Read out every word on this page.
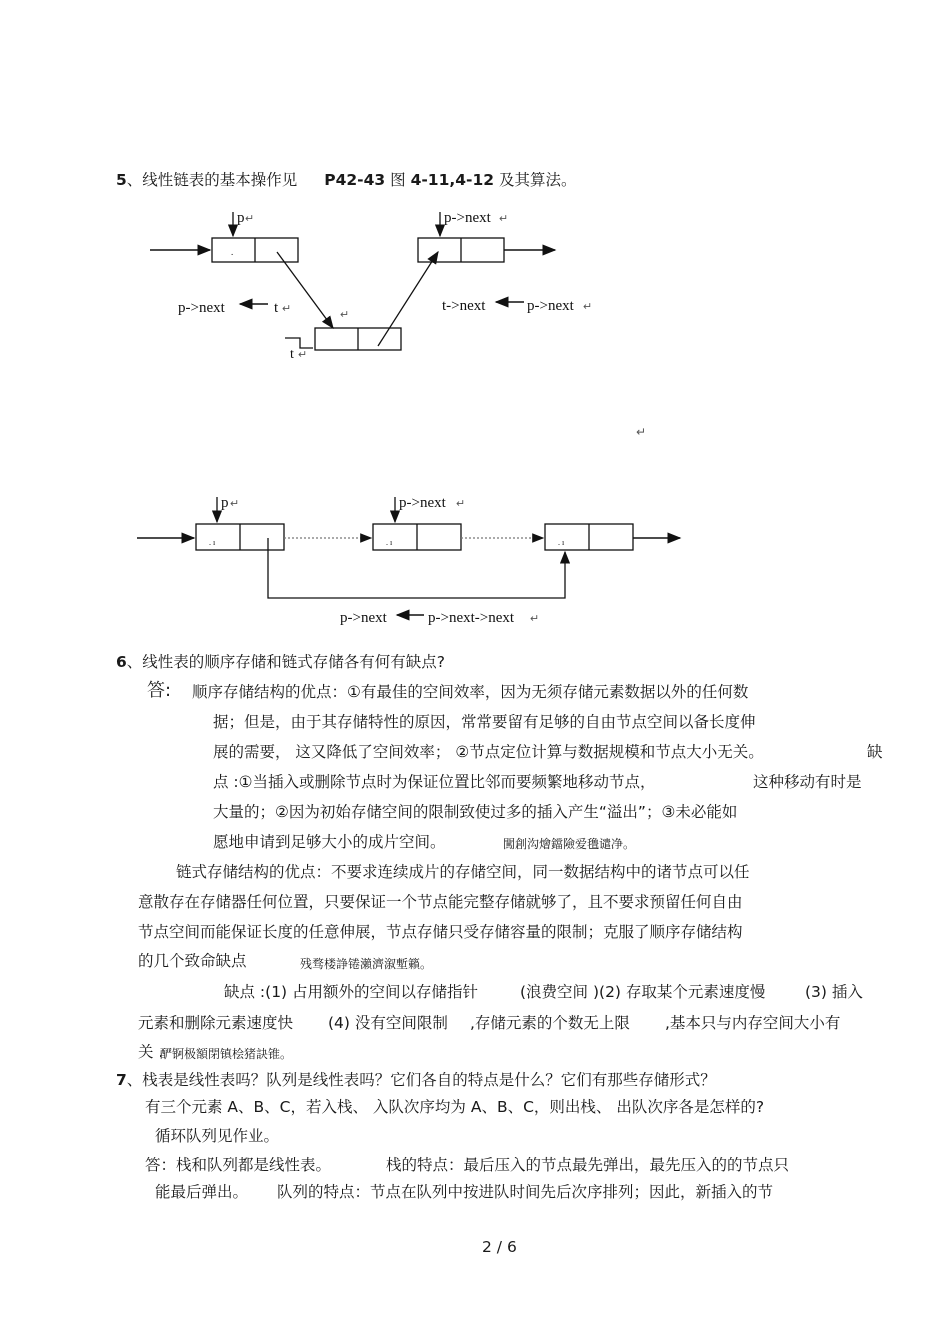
5、线性链表的基本操作见 P42-43 图 4-11,4-12 及其算法。
.
p ↵	p->next ↵
↵
t ↵
p->next	t ↵	t->next	p->next ↵
↵
. ı
p ↵
. ı
p->next ↵
. ı
p->next	p->next->next ↵
6、线性表的顺序存储和链式存储各有何有缺点?
答: 顺序存储结构的优点：①有最佳的空间效率，因为无须存储元素数据以外的任何数
据；但是，由于其存储特性的原因，常常要留有足够的自由节点空间以备长度伸
展的需要， 这又降低了空间效率； ②节点定位计算与数据规模和节点大小无关。	缺
点 :①当插入或删除节点时为保证位置比邻而要频繁地移动节点，	这种移动有时是
大量的；②因为初始存储空间的限制致使过多的插入产生“溢出”；③未必能如
愿地申请到足够大小的成片空间。	闖創沟燴鐺險爱氇谴净。
链式存储结构的优点：不要求连续成片的存储空间，同一数据结构中的诸节点可以任
意散存在存储器任何位置，只要保证一个节点能完整存储就够了，且不要求预留任何自由
节点空间而能保证长度的任意伸展，节点存储只受存储容量的限制；克服了顺序存储结构
的几个致命缺点	残骛楼諍锩瀨濟溆塹籟。
缺点 :(1) 占用额外的空间以存储指针	(浪费空间 )(2) 存取某个元素速度慢	(3) 插入
元素和删除元素速度快 (4) 没有空间限制 ,存储元素的个数无上限 ,基本只与内存空间大小有
关 .
酽锕极額閉镇桧猪訣锥。
7、栈表是线性表吗？队列是线性表吗？它们各自的特点是什么？它们有那些存储形式？
有三个元素 A、B、C，若入栈、 入队次序均为 A、B、C，则出栈、 出队次序各是怎样的?
循环队列见作业。
答：栈和队列都是线性表。	栈的特点：最后压入的节点最先弹出，最先压入的的节点只
能最后弹出。 队列的特点：节点在队列中按进队时间先后次序排列；因此，新插入的节
2 / 6
